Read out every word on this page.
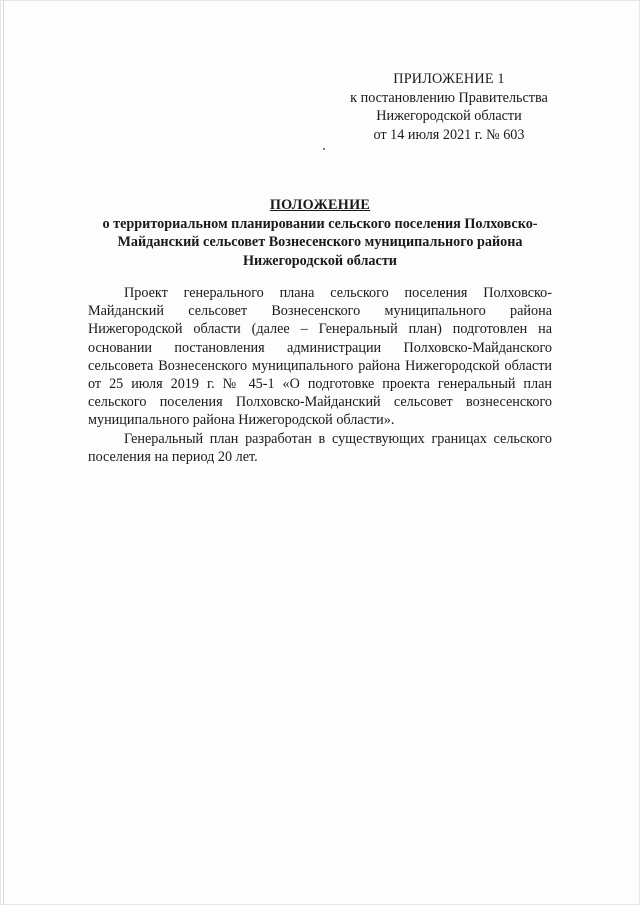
ПРИЛОЖЕНИЕ 1
к постановлению Правительства
Нижегородской области
от 14 июля 2021 г. № 603
ПОЛОЖЕНИЕ
о территориальном планировании сельского поселения Полховско-
Майданский сельсовет Вознесенского муниципального района
Нижегородской области

Проект генерального плана сельского поселения Полховско-Майданский сельсовет Вознесенского муниципального района Нижегородской области (далее – Генеральный план) подготовлен на основании постановления администрации Полховско-Майданского сельсовета Вознесенского муниципального района Нижегородской области от 25 июля 2019 г. № 45-1 «О подготовке проекта генеральный план сельского поселения Полховско-Майданский сельсовет вознесенского муниципального района Нижегородской области».

Генеральный план разработан в существующих границах сельского поселения на период 20 лет.
